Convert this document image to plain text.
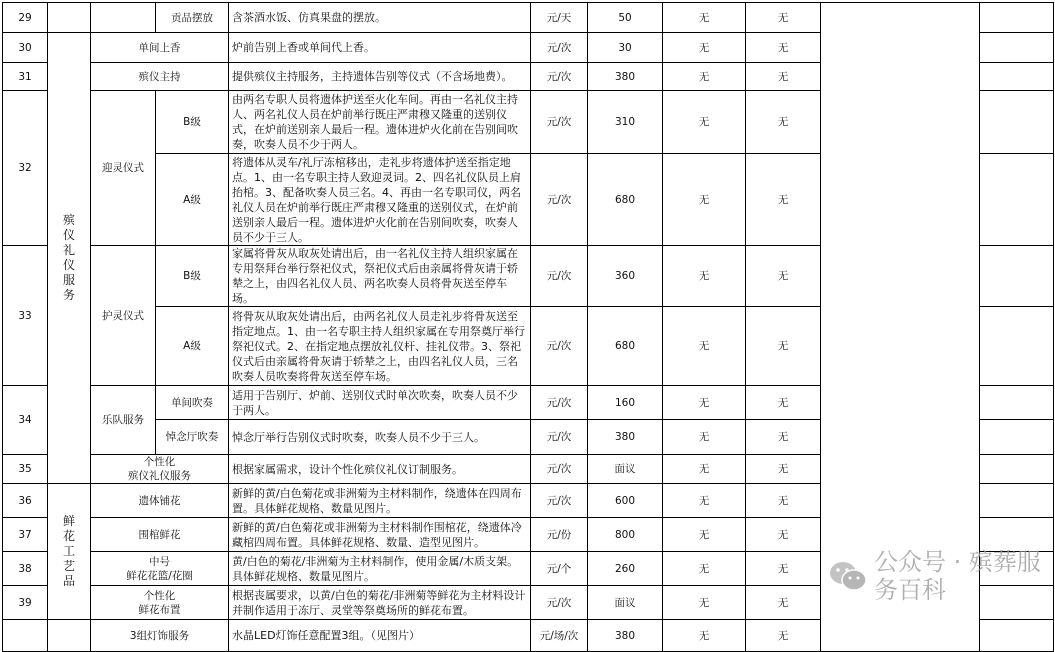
29			贡品摆放	含茶酒水饭、仿真果盘的摆放。	元/天	50	无	无		
30	殡仪礼仪服务	单间上香		炉前告别上香或单间代上香。	元/次	30	无	无		
31		殡仪主持		提供殡仪主持服务，主持遗体告别等仪式（不含场地费）。	元/次	380	无	无		
32		迎灵仪式	B级	由两名专职人员将遗体护送至火化车间。再由一名礼仪主持人、两名礼仪人员在炉前举行既庄严肃穆又隆重的送别仪式，在炉前送别亲人最后一程。遗体进炉火化前在告别间吹奏，吹奏人员不少于两人。	元/次	310	无	无		
			A级	将遗体从灵车/礼厅冻棺移出，走礼步将遗体护送至指定地点。1、由一名专职主持人致迎灵词。2、四名礼仪队员上肩抬棺。3、配备吹奏人员三名。4、再由一名专职司仪，两名礼仪人员在炉前举行既庄严肃穆又隆重的送别仪式，在炉前送别亲人最后一程。遗体进炉火化前在告别间吹奏，吹奏人员不少于三人。	元/次	680	无	无		
33		护灵仪式	B级	家属将骨灰从取灰处请出后，由一名礼仪主持人组织家属在专用祭拜台举行祭祀仪式，祭祀仪式后由亲属将骨灰请于轿辇之上，由四名礼仪人员、两名吹奏人员将骨灰送至停车场。	元/次	360	无	无		
			A级	将骨灰从取灰处请出后，由两名礼仪人员走礼步将骨灰送至指定地点。1、由一名专职主持人组织家属在专用祭奠厅举行祭祀仪式。2、在指定地点摆放礼仪杆、挂礼仪带。3、祭祀仪式后由亲属将骨灰请于轿辇之上，由四名礼仪人员，三名吹奏人员吹奏将骨灰送至停车场。	元/次	680	无	无		
34		乐队服务	单间吹奏	适用于告别厅、炉前、送别仪式时单次吹奏，吹奏人员不少于两人。	元/次	160	无	无		
			悼念厅吹奏	悼念厅举行告别仪式时吹奏，吹奏人员不少于三人。	元/次	380	无	无		
35		个性化
殡仪礼仪服务		根据家属需求，设计个性化殡仪礼仪订制服务。	元/次	面议	无	无		
36	鲜花工艺品	遗体铺花		新鲜的黄/白色菊花或非洲菊为主材料制作，绕遗体在四周布置。具体鲜花规格、数量见图片。	元/次	600	无	无		
37		围棺鲜花		新鲜的黄/白色菊花或非洲菊为主材料制作围棺花，绕遗体冷藏棺四周布置。具体鲜花规格、数量、造型见图片。	元/份	800	无	无		
38		中号
鲜花花篮/花圈		黄/白色的菊花/非洲菊为主材料制作，使用金属/木质支架。
具体鲜花规格、数量见图片。	元/个	260	无	无		
39		个性化
鲜花布置		根据丧属要求，以黄/白色的菊花/非洲菊等鲜花为主材料设计并制作适用于冻厅、灵堂等祭奠场所的鲜花布置。	元/次	面议	无	无		
		3组灯饰服务		水晶LED灯饰任意配置3组。（见图片）	元/场/次	380	无	无		
公众号 · 殡葬服务百科
